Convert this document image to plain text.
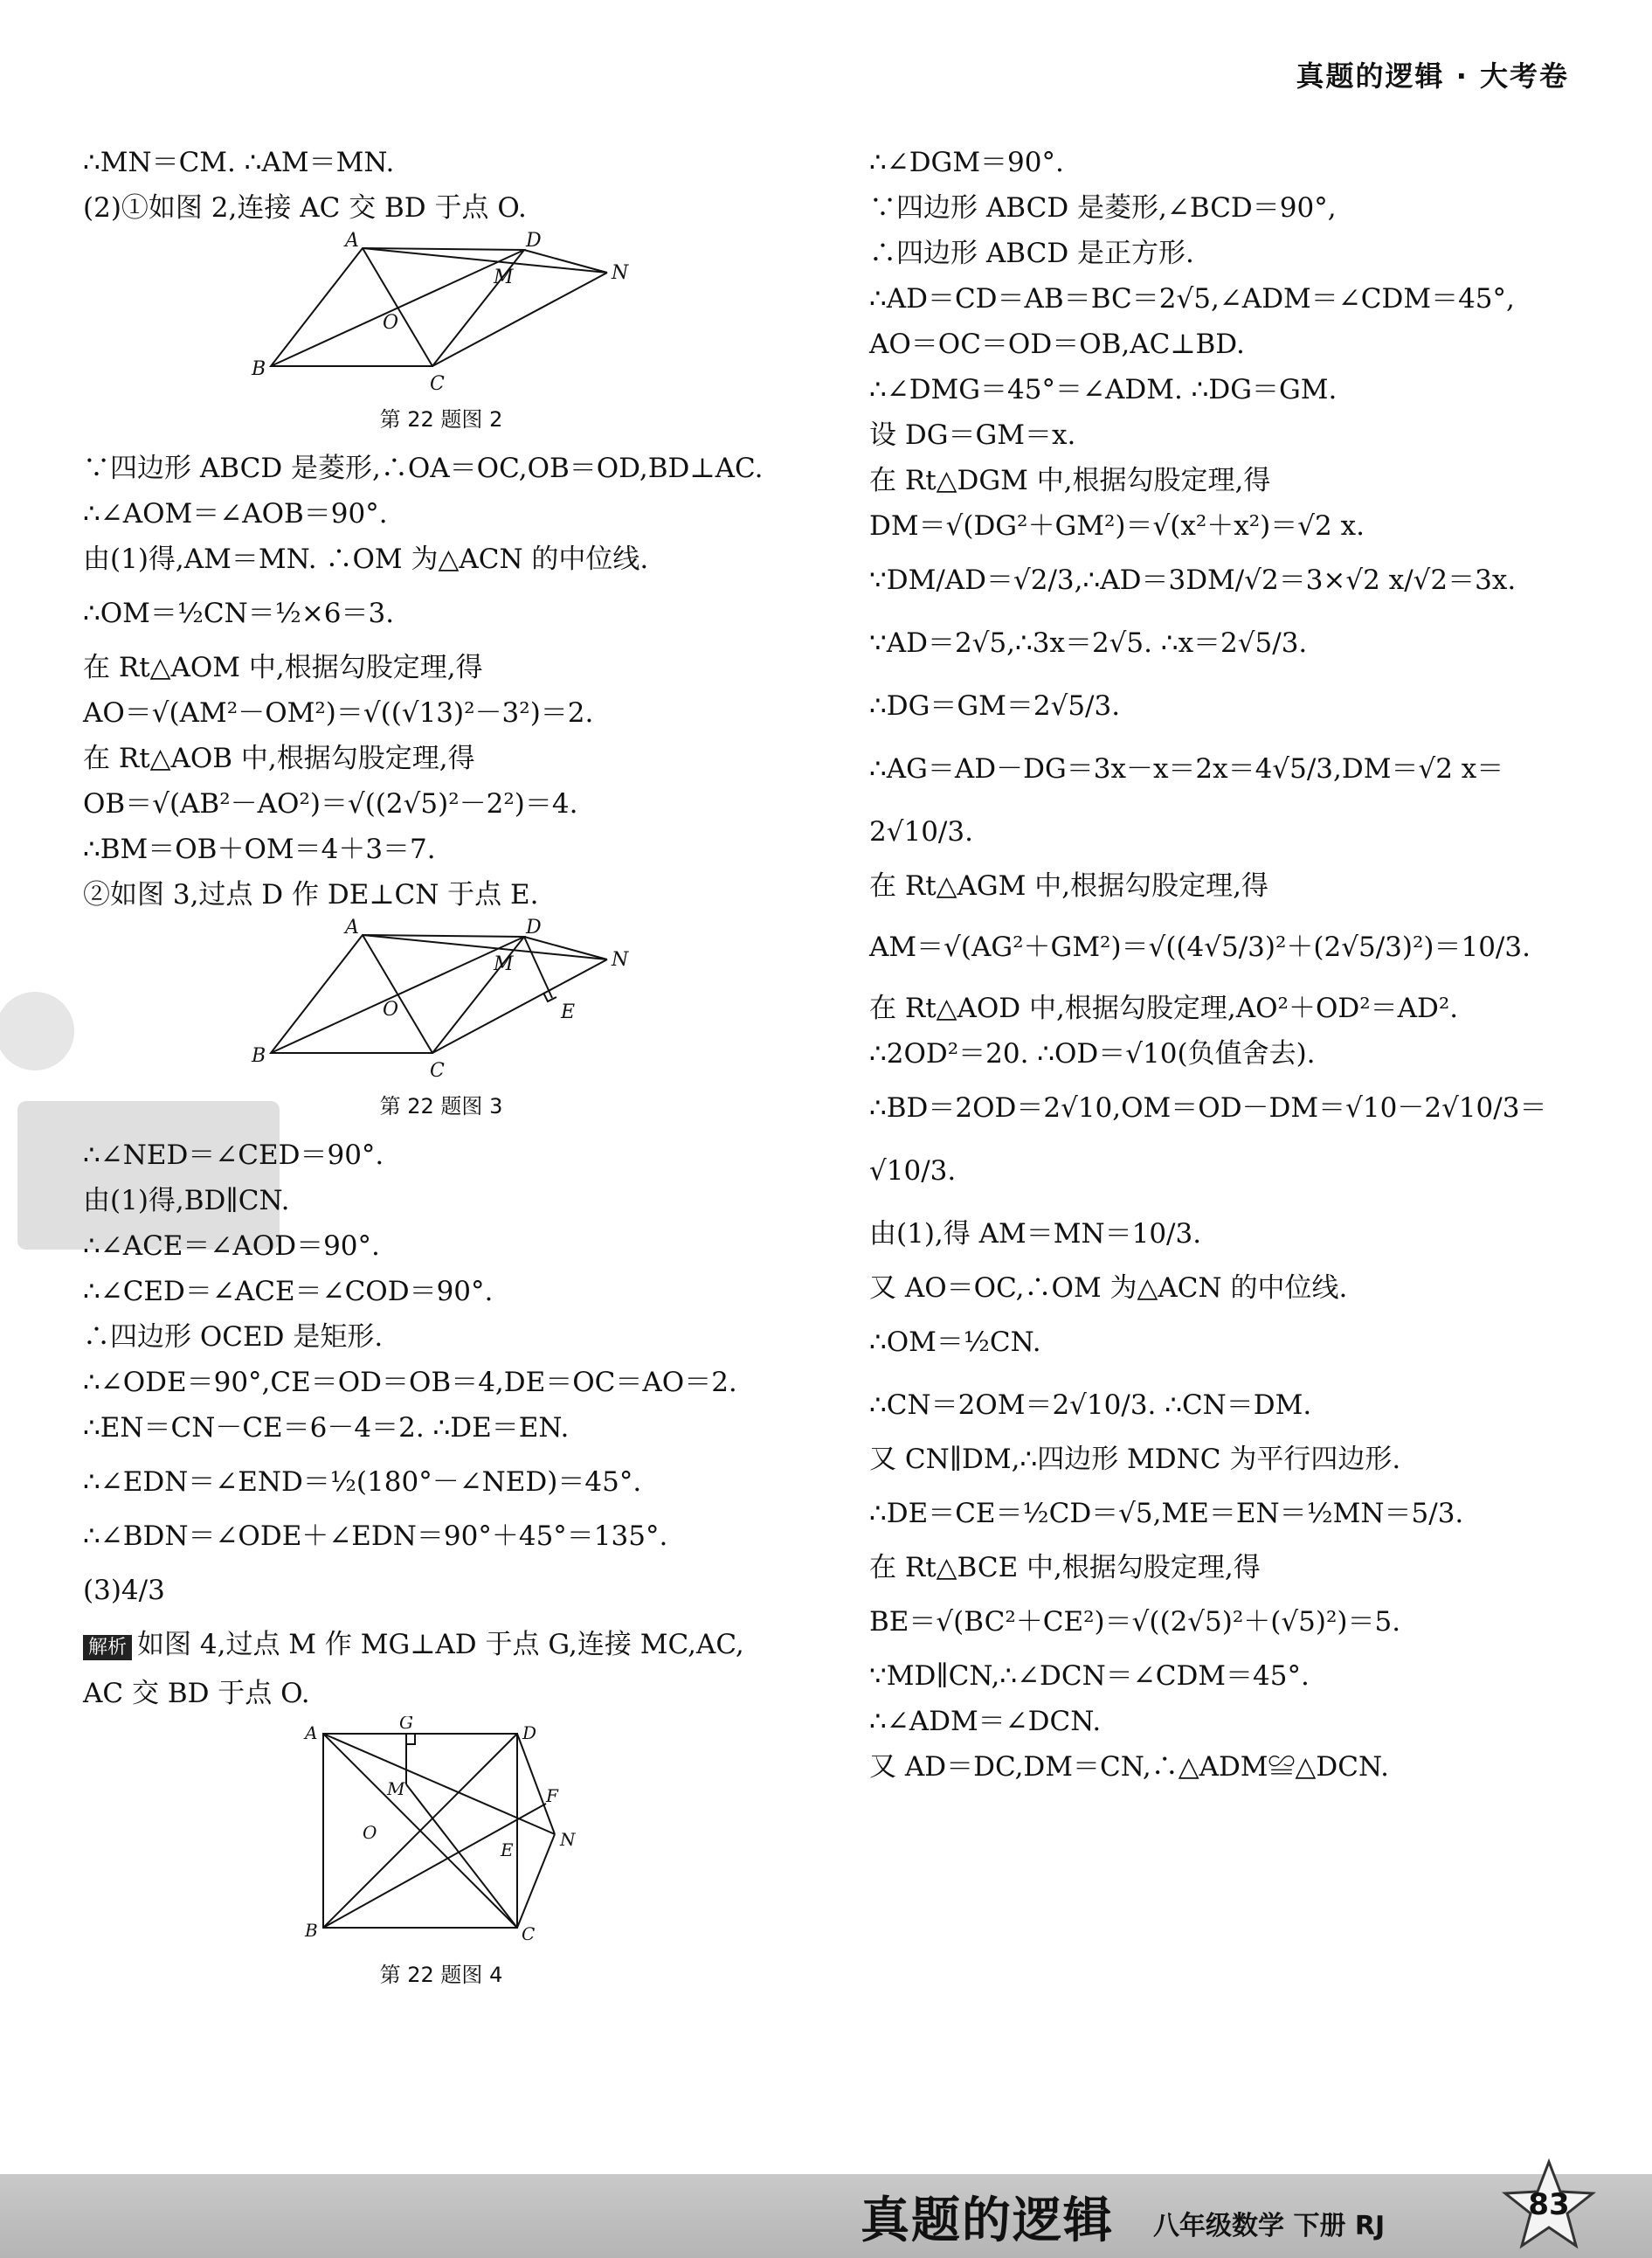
真题的逻辑 · 大考卷
∴MN＝CM. ∴AM＝MN.
(2)①如图 2,连接 AC 交 BD 于点 O.
A	D
M	N
O
B
C
第 22 题图 2
∵四边形 ABCD 是菱形,∴OA＝OC,OB＝OD,BD⊥AC.
∴∠AOM＝∠AOB＝90°.
由(1)得,AM＝MN. ∴OM 为△ACN 的中位线.
∴OM＝½CN＝½×6＝3.
在 Rt△AOM 中,根据勾股定理,得
AO＝√(AM²－OM²)＝√((√13)²－3²)＝2.
在 Rt△AOB 中,根据勾股定理,得
OB＝√(AB²－AO²)＝√((2√5)²－2²)＝4.
∴BM＝OB＋OM＝4＋3＝7.
②如图 3,过点 D 作 DE⊥CN 于点 E.
A	D
M	N
O	E
B
C
第 22 题图 3
∴∠NED＝∠CED＝90°.
由(1)得,BD∥CN.
∴∠ACE＝∠AOD＝90°.
∴∠CED＝∠ACE＝∠COD＝90°.
∴四边形 OCED 是矩形.
∴∠ODE＝90°,CE＝OD＝OB＝4,DE＝OC＝AO＝2.
∴EN＝CN－CE＝6－4＝2. ∴DE＝EN.
∴∠EDN＝∠END＝½(180°－∠NED)＝45°.
∴∠BDN＝∠ODE＋∠EDN＝90°＋45°＝135°.
(3)4/3
解析 如图 4,过点 M 作 MG⊥AD 于点 G,连接 MC,AC,
AC 交 BD 于点 O.
G
A	D
M	F
O
E	N
B	C
第 22 题图 4
∴∠DGM＝90°.
∵四边形 ABCD 是菱形,∠BCD＝90°,
∴四边形 ABCD 是正方形.
∴AD＝CD＝AB＝BC＝2√5,∠ADM＝∠CDM＝45°,
AO＝OC＝OD＝OB,AC⊥BD.
∴∠DMG＝45°＝∠ADM. ∴DG＝GM.
设 DG＝GM＝x.
在 Rt△DGM 中,根据勾股定理,得
DM＝√(DG²＋GM²)＝√(x²＋x²)＝√2 x.
∵DM/AD＝√2/3,∴AD＝3DM/√2＝3×√2 x/√2＝3x.
∵AD＝2√5,∴3x＝2√5. ∴x＝2√5/3.
∴DG＝GM＝2√5/3.
∴AG＝AD－DG＝3x－x＝2x＝4√5/3,DM＝√2 x＝
2√10/3.
在 Rt△AGM 中,根据勾股定理,得
AM＝√(AG²＋GM²)＝√((4√5/3)²＋(2√5/3)²)＝10/3.
在 Rt△AOD 中,根据勾股定理,AO²＋OD²＝AD².
∴2OD²＝20. ∴OD＝√10(负值舍去).
∴BD＝2OD＝2√10,OM＝OD－DM＝√10－2√10/3＝
√10/3.
由(1),得 AM＝MN＝10/3.
又 AO＝OC,∴OM 为△ACN 的中位线.
∴OM＝½CN.
∴CN＝2OM＝2√10/3. ∴CN＝DM.
又 CN∥DM,∴四边形 MDNC 为平行四边形.
∴DE＝CE＝½CD＝√5,ME＝EN＝½MN＝5/3.
在 Rt△BCE 中,根据勾股定理,得
BE＝√(BC²＋CE²)＝√((2√5)²＋(√5)²)＝5.
∵MD∥CN,∴∠DCN＝∠CDM＝45°.
∴∠ADM＝∠DCN.
又 AD＝DC,DM＝CN,∴△ADM≌△DCN.
真题的逻辑 八年级数学 下册 RJ
83
